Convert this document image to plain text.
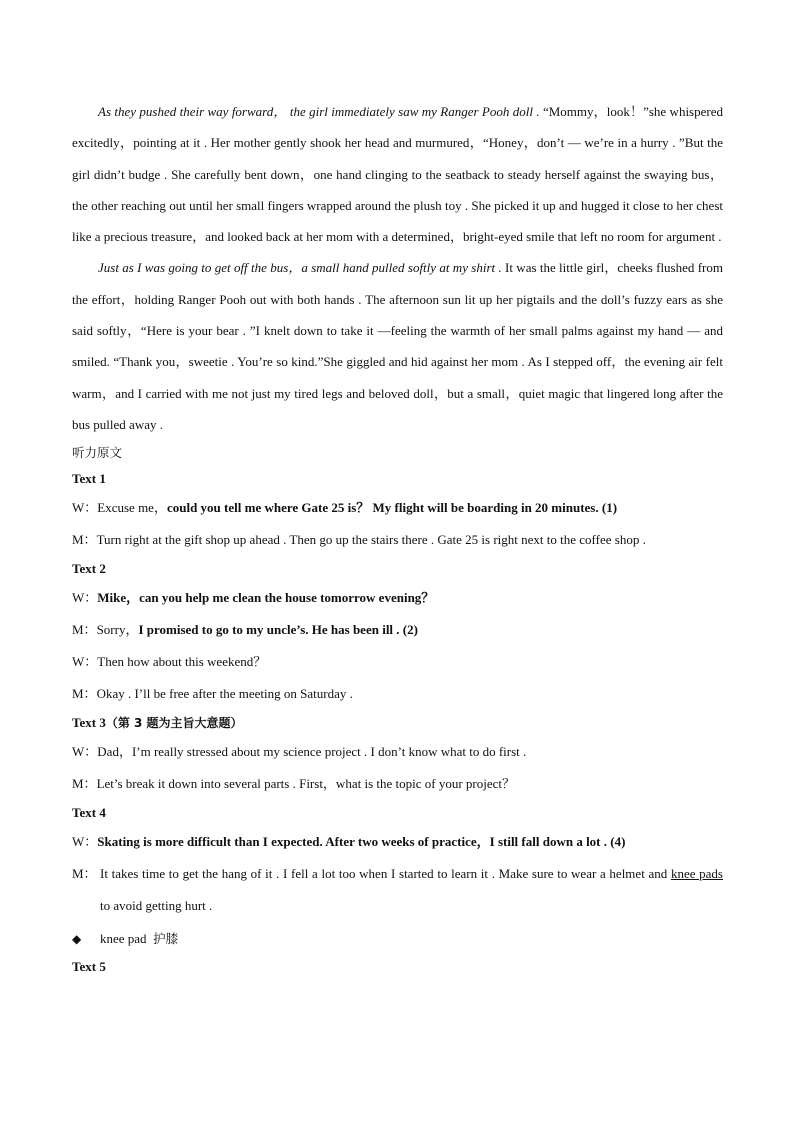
As they pushed their way forward， the girl immediately saw my Ranger Pooh doll . “Mommy，look！”she whispered excitedly，pointing at it . Her mother gently shook her head and murmured，“Honey，don’t — we’re in a hurry . ”But the girl didn’t budge . She carefully bent down，one hand clinging to the seatback to steady herself against the swaying bus，the other reaching out until her small fingers wrapped around the plush toy . She picked it up and hugged it close to her chest like a precious treasure，and looked back at her mom with a determined，bright-eyed smile that left no room for argument .

Just as I was going to get off the bus，a small hand pulled softly at my shirt . It was the little girl，cheeks flushed from the effort，holding Ranger Pooh out with both hands . The afternoon sun lit up her pigtails and the doll’s fuzzy ears as she said softly，“Here is your bear . ”I knelt down to take it —feeling the warmth of her small palms against my hand — and smiled. “Thank you，sweetie . You’re so kind.”She giggled and hid against her mom . As I stepped off，the evening air felt warm，and I carried with me not just my tired legs and beloved doll，but a small，quiet magic that lingered long after the bus pulled away .

听力原文

Text 1

W：Excuse me，could you tell me where Gate 25 is？ My flight will be boarding in 20 minutes. (1)

M：Turn right at the gift shop up ahead . Then go up the stairs there . Gate 25 is right next to the coffee shop .

Text 2

W：Mike，can you help me clean the house tomorrow evening？

M：Sorry，I promised to go to my uncle’s. He has been ill . (2)

W：Then how about this weekend？

M：Okay . I’ll be free after the meeting on Saturday .

Text 3（第 3 题为主旨大意题）

W：Dad，I’m really stressed about my science project . I don’t know what to do first .

M：Let’s break it down into several parts . First，what is the topic of your project？

Text 4

W：Skating is more difficult than I expected. After two weeks of practice，I still fall down a lot . (4)

M： It takes time to get the hang of it . I fell a lot too when I started to learn it . Make sure to wear a helmet and knee pads to avoid getting hurt .

◆ knee pad 护膝

Text 5
